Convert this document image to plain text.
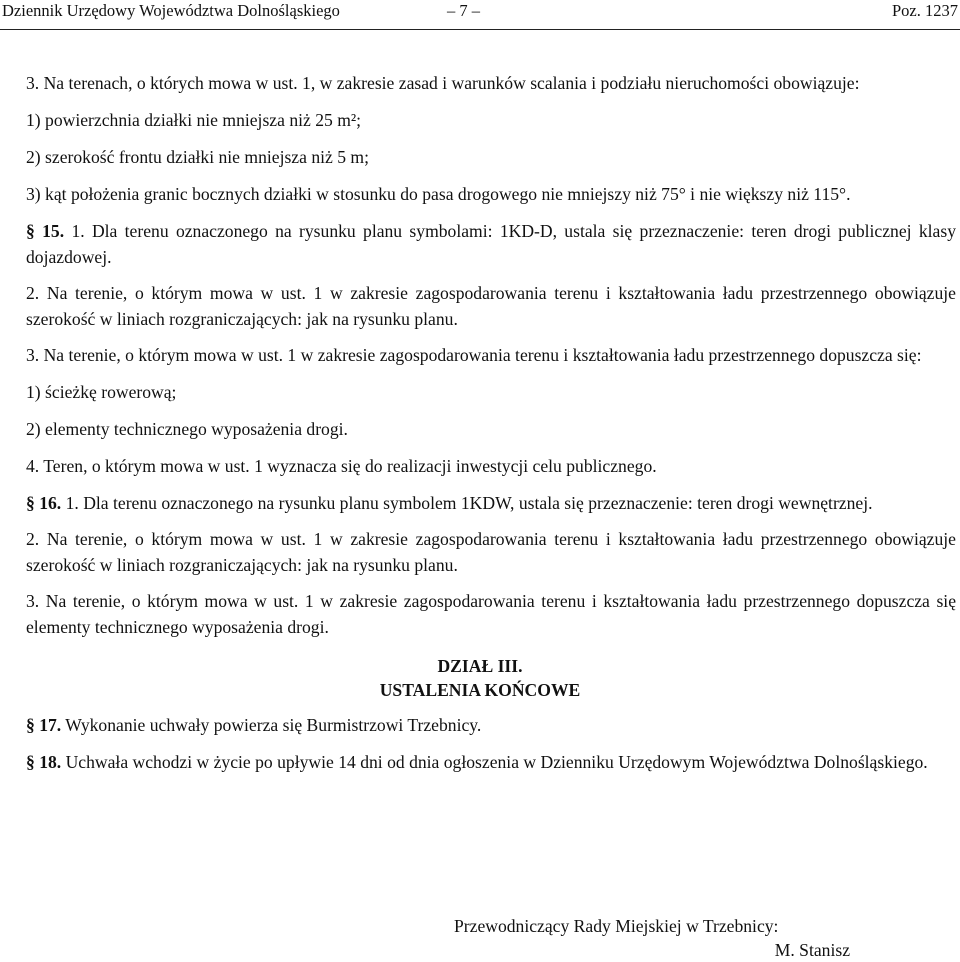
Dziennik Urzędowy Województwa Dolnośląskiego	– 7 –	Poz. 1237

3. Na terenach, o których mowa w ust. 1, w zakresie zasad i warunków scalania i podziału nieruchomości obowiązuje:

1) powierzchnia działki nie mniejsza niż 25 m²;

2) szerokość frontu działki nie mniejsza niż 5 m;

3) kąt położenia granic bocznych działki w stosunku do pasa drogowego nie mniejszy niż 75° i nie większy niż 115°.

§ 15. 1. Dla terenu oznaczonego na rysunku planu symbolami: 1KD-D, ustala się przeznaczenie: teren drogi publicznej klasy dojazdowej.

2. Na terenie, o którym mowa w ust. 1 w zakresie zagospodarowania terenu i kształtowania ładu przestrzennego obowiązuje szerokość w liniach rozgraniczających: jak na rysunku planu.

3. Na terenie, o którym mowa w ust. 1 w zakresie zagospodarowania terenu i kształtowania ładu przestrzennego dopuszcza się:

1) ścieżkę rowerową;

2) elementy technicznego wyposażenia drogi.

4. Teren, o którym mowa w ust. 1 wyznacza się do realizacji inwestycji celu publicznego.

§ 16. 1. Dla terenu oznaczonego na rysunku planu symbolem 1KDW, ustala się przeznaczenie: teren drogi wewnętrznej.

2. Na terenie, o którym mowa w ust. 1 w zakresie zagospodarowania terenu i kształtowania ładu przestrzennego obowiązuje szerokość w liniach rozgraniczających: jak na rysunku planu.

3. Na terenie, o którym mowa w ust. 1 w zakresie zagospodarowania terenu i kształtowania ładu przestrzennego dopuszcza się elementy technicznego wyposażenia drogi.

DZIAŁ III.
USTALENIA KOŃCOWE

§ 17. Wykonanie uchwały powierza się Burmistrzowi Trzebnicy.

§ 18. Uchwała wchodzi w życie po upływie 14 dni od dnia ogłoszenia w Dzienniku Urzędowym Województwa Dolnośląskiego.

Przewodniczący Rady Miejskiej w Trzebnicy:
M. Stanisz
